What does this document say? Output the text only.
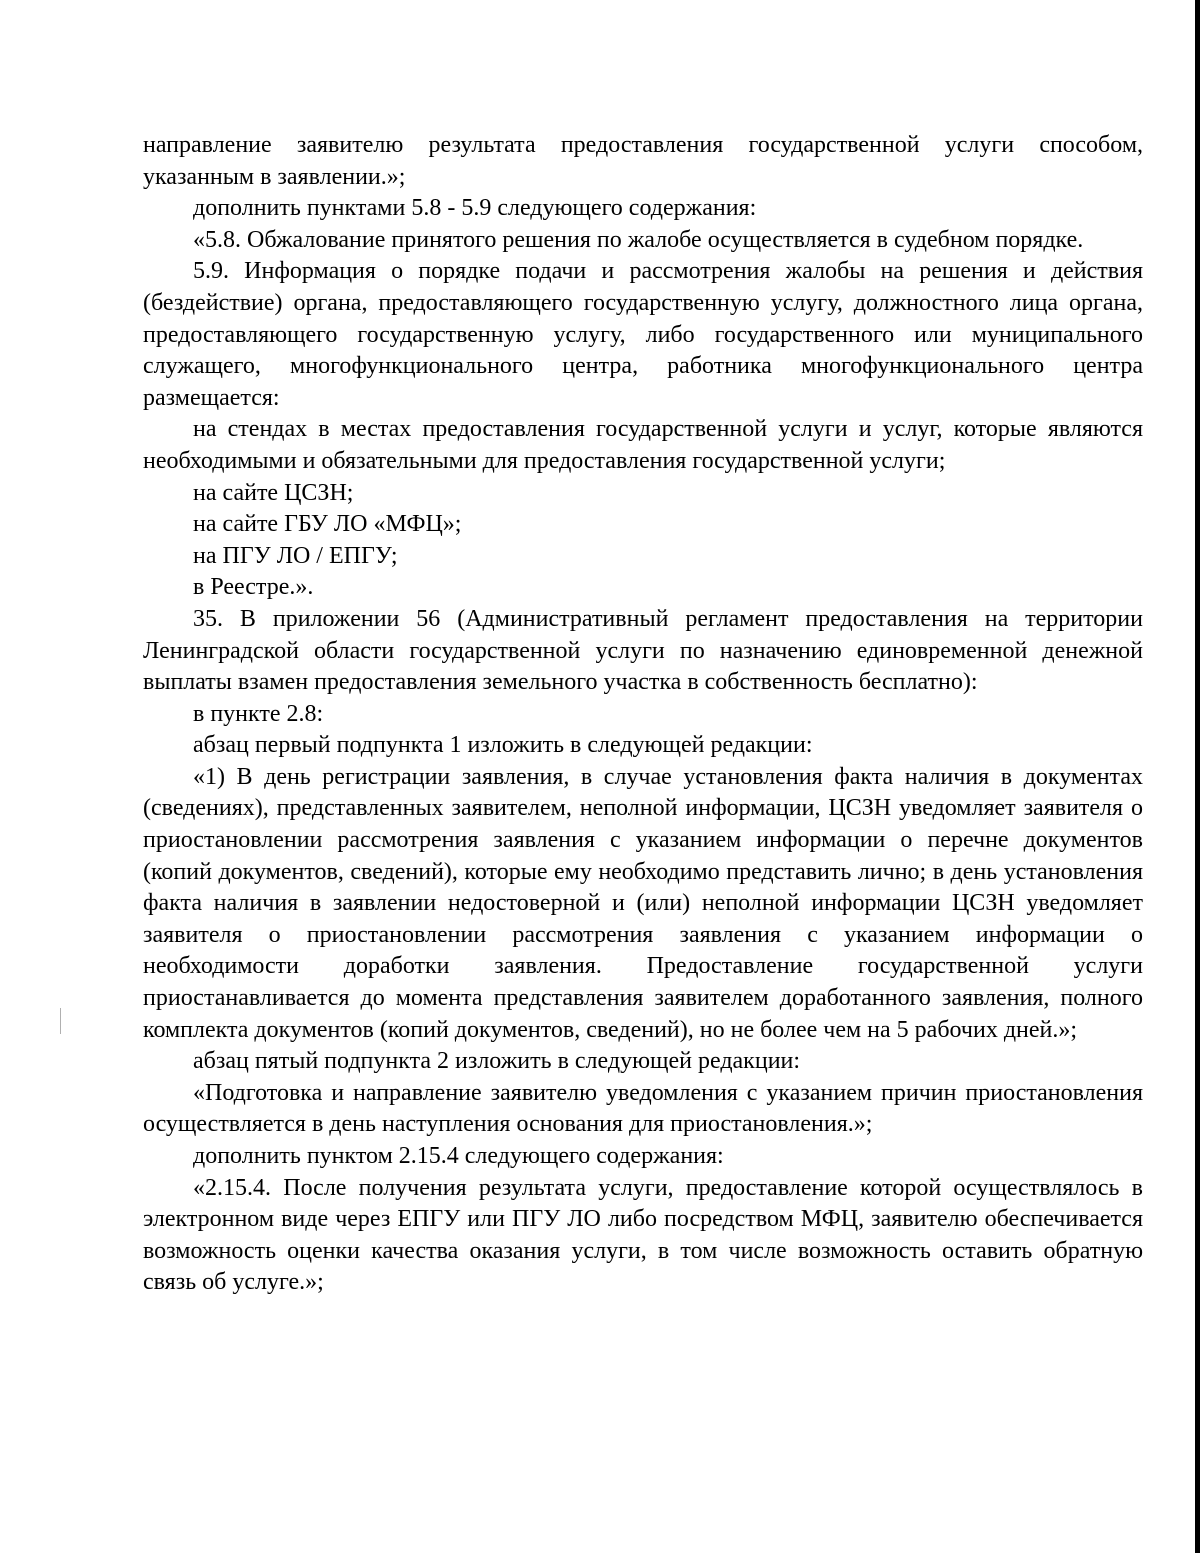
направление заявителю результата предоставления государственной услуги способом, указанным в заявлении.»;

дополнить пунктами 5.8 - 5.9 следующего содержания:

«5.8. Обжалование принятого решения по жалобе осуществляется в судебном порядке.

5.9. Информация о порядке подачи и рассмотрения жалобы на решения и действия (бездействие) органа, предоставляющего государственную услугу, должностного лица органа, предоставляющего государственную услугу, либо государственного или муниципального служащего, многофункционального центра, работника многофункционального центра размещается:

на стендах в местах предоставления государственной услуги и услуг, которые являются необходимыми и обязательными для предоставления государственной услуги;

на сайте ЦСЗН;

на сайте ГБУ ЛО «МФЦ»;

на ПГУ ЛО / ЕПГУ;

в Реестре.».

35. В приложении 56 (Административный регламент предоставления на территории Ленинградской области государственной услуги по назначению единовременной денежной выплаты взамен предоставления земельного участка в собственность бесплатно):

в пункте 2.8:

абзац первый подпункта 1 изложить в следующей редакции:

«1) В день регистрации заявления, в случае установления факта наличия в документах (сведениях), представленных заявителем, неполной информации, ЦСЗН уведомляет заявителя о приостановлении рассмотрения заявления с указанием информации о перечне документов (копий документов, сведений), которые ему необходимо представить лично; в день установления факта наличия в заявлении недостоверной и (или) неполной информации ЦСЗН уведомляет заявителя о приостановлении рассмотрения заявления с указанием информации о необходимости доработки заявления. Предоставление государственной услуги приостанавливается до момента представления заявителем доработанного заявления, полного комплекта документов (копий документов, сведений), но не более чем на 5 рабочих дней.»;

абзац пятый подпункта 2 изложить в следующей редакции:

«Подготовка и направление заявителю уведомления с указанием причин приостановления осуществляется в день наступления основания для приостановления.»;

дополнить пунктом 2.15.4 следующего содержания:

«2.15.4. После получения результата услуги, предоставление которой осуществлялось в электронном виде через ЕПГУ или ПГУ ЛО либо посредством МФЦ, заявителю обеспечивается возможность оценки качества оказания услуги, в том числе возможность оставить обратную связь об услуге.»;
